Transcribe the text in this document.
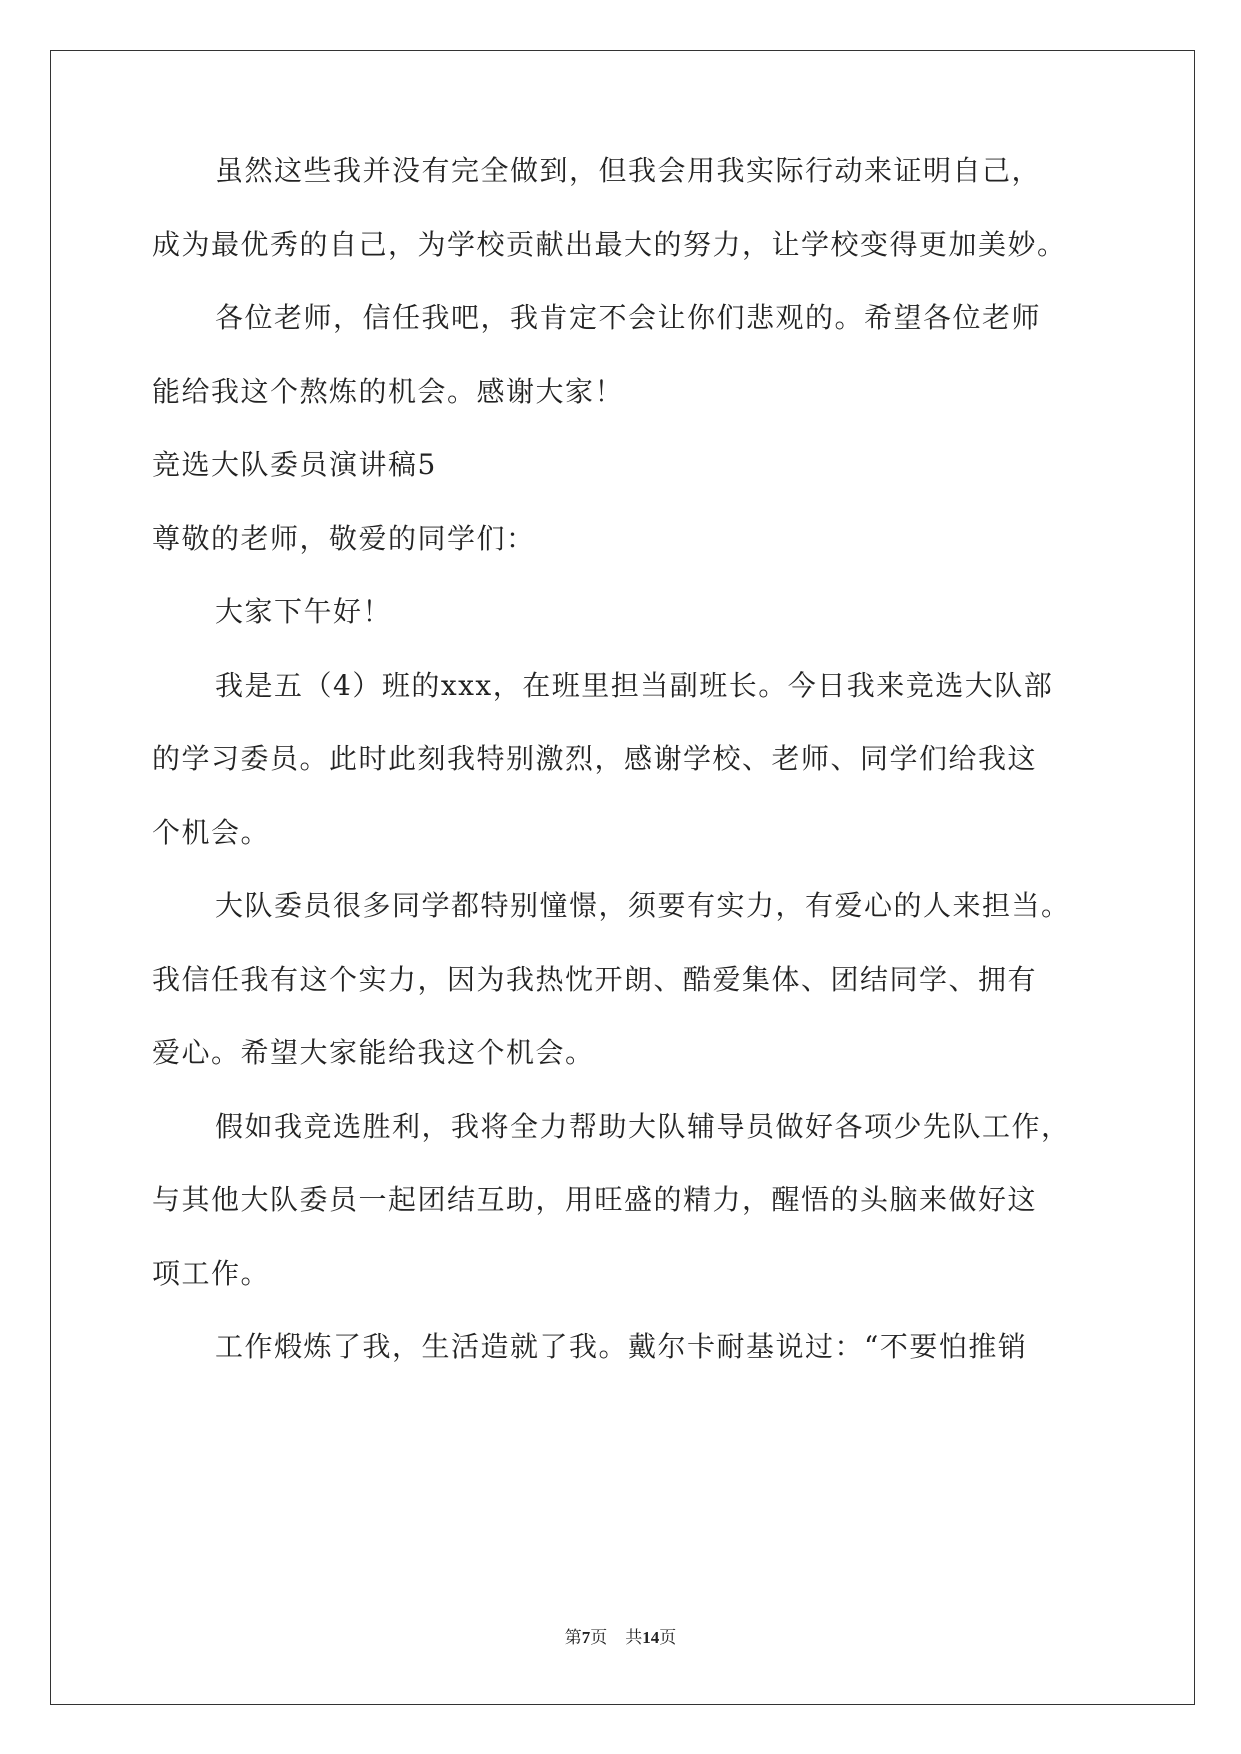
虽然这些我并没有完全做到，但我会用我实际行动来证明自己，
成为最优秀的自己，为学校贡献出最大的努力，让学校变得更加美妙。
各位老师，信任我吧，我肯定不会让你们悲观的。希望各位老师
能给我这个熬炼的机会。感谢大家！
竞选大队委员演讲稿5
尊敬的老师，敬爱的同学们：
大家下午好！
我是五（4）班的xxx，在班里担当副班长。今日我来竞选大队部
的学习委员。此时此刻我特别激烈，感谢学校、老师、同学们给我这
个机会。
大队委员很多同学都特别憧憬，须要有实力，有爱心的人来担当。
我信任我有这个实力，因为我热忱开朗、酷爱集体、团结同学、拥有
爱心。希望大家能给我这个机会。
假如我竞选胜利，我将全力帮助大队辅导员做好各项少先队工作，
与其他大队委员一起团结互助，用旺盛的精力，醒悟的头脑来做好这
项工作。
工作煅炼了我，生活造就了我。戴尔卡耐基说过：“不要怕推销
第7页 共14页
